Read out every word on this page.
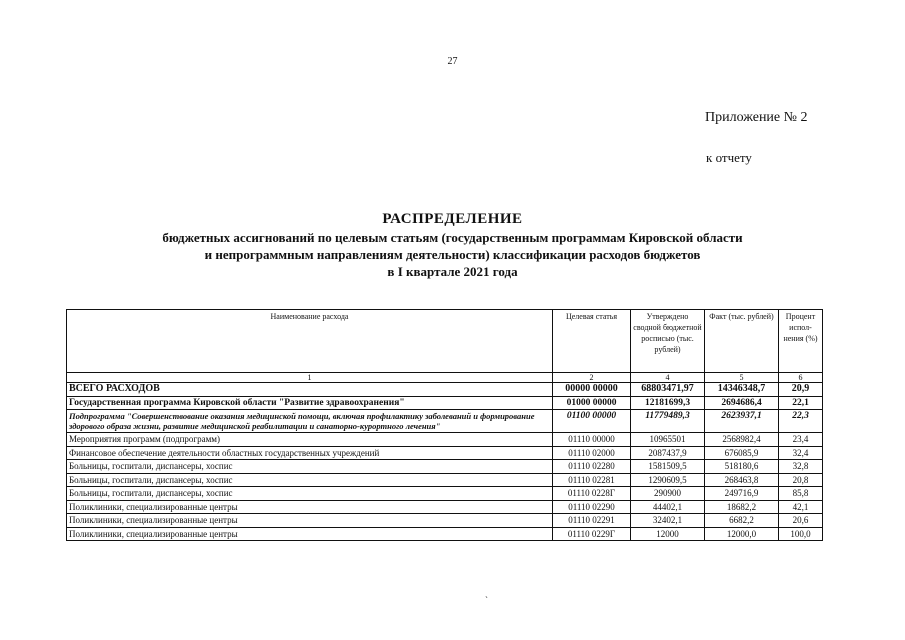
27
Приложение № 2
к отчету
РАСПРЕДЕЛЕНИЕ
бюджетных ассигнований по целевым статьям (государственным программам Кировской области
и непрограммным направлениям деятельности) классификации расходов бюджетов
в I квартале 2021 года
Наименование расхода	Целевая статья	Утверждено сводной бюджетной росписью (тыс. рублей)	Факт (тыс. рублей)	Процент испол-нения (%)
1	2	4	5	6
ВСЕГО РАСХОДОВ	00000 00000	68803471,97	14346348,7	20,9
Государственная программа Кировской области "Развитие здравоохранения"	01000 00000	12181699,3	2694686,4	22,1
Подпрограмма "Совершенствование оказания медицинской помощи, включая профилактику заболеваний и формирование здорового образа жизни, развитие медицинской реабилитации и санаторно-курортного лечения"	01100 00000	11779489,3	2623937,1	22,3
Мероприятия программ (подпрограмм)	01110 00000	10965501	2568982,4	23,4
Финансовое обеспечение деятельности областных государственных учреждений	01110 02000	2087437,9	676085,9	32,4
Больницы, госпитали, диспансеры, хоспис	01110 02280	1581509,5	518180,6	32,8
Больницы, госпитали, диспансеры, хоспис	01110 02281	1290609,5	268463,8	20,8
Больницы, госпитали, диспансеры, хоспис	01110 0228Г	290900	249716,9	85,8
Поликлиники, специализированные центры	01110 02290	44402,1	18682,2	42,1
Поликлиники, специализированные центры	01110 02291	32402,1	6682,2	20,6
Поликлиники, специализированные центры	01110 0229Г	12000	12000,0	100,0
ˏ
